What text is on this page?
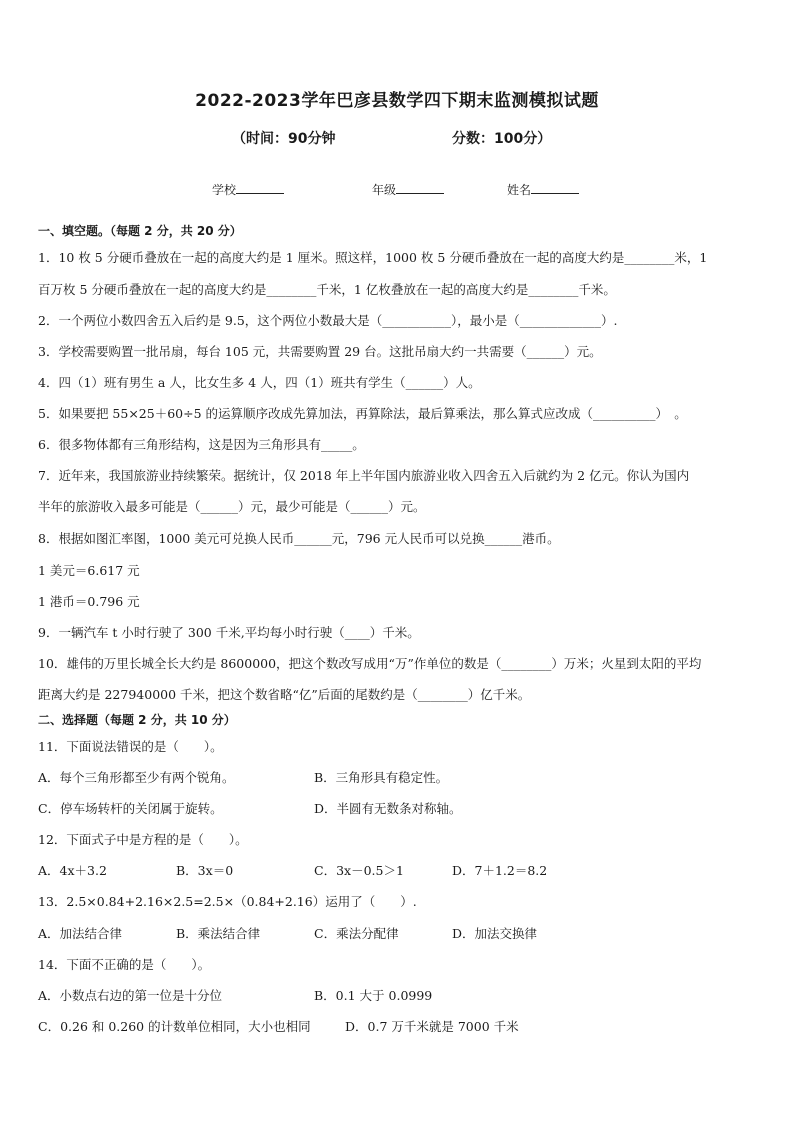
2022-2023学年巴彦县数学四下期末监测模拟试题
（时间：90分钟	分数：100分）
学校	年级	姓名
一、填空题。（每题 2 分，共 20 分）
1．10 枚 5 分硬币叠放在一起的高度大约是 1 厘米。照这样，1000 枚 5 分硬币叠放在一起的高度大约是________米，1
百万枚 5 分硬币叠放在一起的高度大约是________千米，1 亿枚叠放在一起的高度大约是________千米。
2．一个两位小数四舍五入后约是 9.5，这个两位小数最大是（___________），最小是（_____________）.
3．学校需要购置一批吊扇，每台 105 元，共需要购置 29 台。这批吊扇大约一共需要（______）元。
4．四（1）班有男生 a 人，比女生多 4 人，四（1）班共有学生（______）人。
5．如果要把 55×25＋60÷5 的运算顺序改成先算加法，再算除法，最后算乘法，那么算式应改成（__________）　。
6．很多物体都有三角形结构，这是因为三角形具有_____。
7．近年来，我国旅游业持续繁荣。据统计，仅 2018 年上半年国内旅游业收入四舍五入后就约为 2 亿元。你认为国内
半年的旅游收入最多可能是（______）元，最少可能是（______）元。
8．根据如图汇率图，1000 美元可兑换人民币______元，796 元人民币可以兑换______港币。
1 美元＝6.617 元
1 港币＝0.796 元
9．一辆汽车 t 小时行驶了 300 千米,平均每小时行驶（____）千米。
10．雄伟的万里长城全长大约是 8600000，把这个数改写成用“万”作单位的数是（________）万米；火星到太阳的平均
距离大约是 227940000 千米，把这个数省略“亿”后面的尾数约是（________）亿千米。
二、选择题（每题 2 分，共 10 分）
11．下面说法错误的是（　　）。
A．每个三角形都至少有两个锐角。	B．三角形具有稳定性。
C．停车场转杆的关闭属于旋转。	D．半圆有无数条对称轴。
12．下面式子中是方程的是（　　）。
A．4x＋3.2	B．3x＝0	C．3x－0.5＞1	D．7＋1.2＝8.2
13．2.5×0.84+2.16×2.5=2.5×（0.84+2.16）运用了（　　）.
A．加法结合律	B．乘法结合律	C．乘法分配律	D．加法交换律
14．下面不正确的是（　　）。
A．小数点右边的第一位是十分位	B．0.1 大于 0.0999
C．0.26 和 0.260 的计数单位相同，大小也相同	D．0.7 万千米就是 7000 千米
